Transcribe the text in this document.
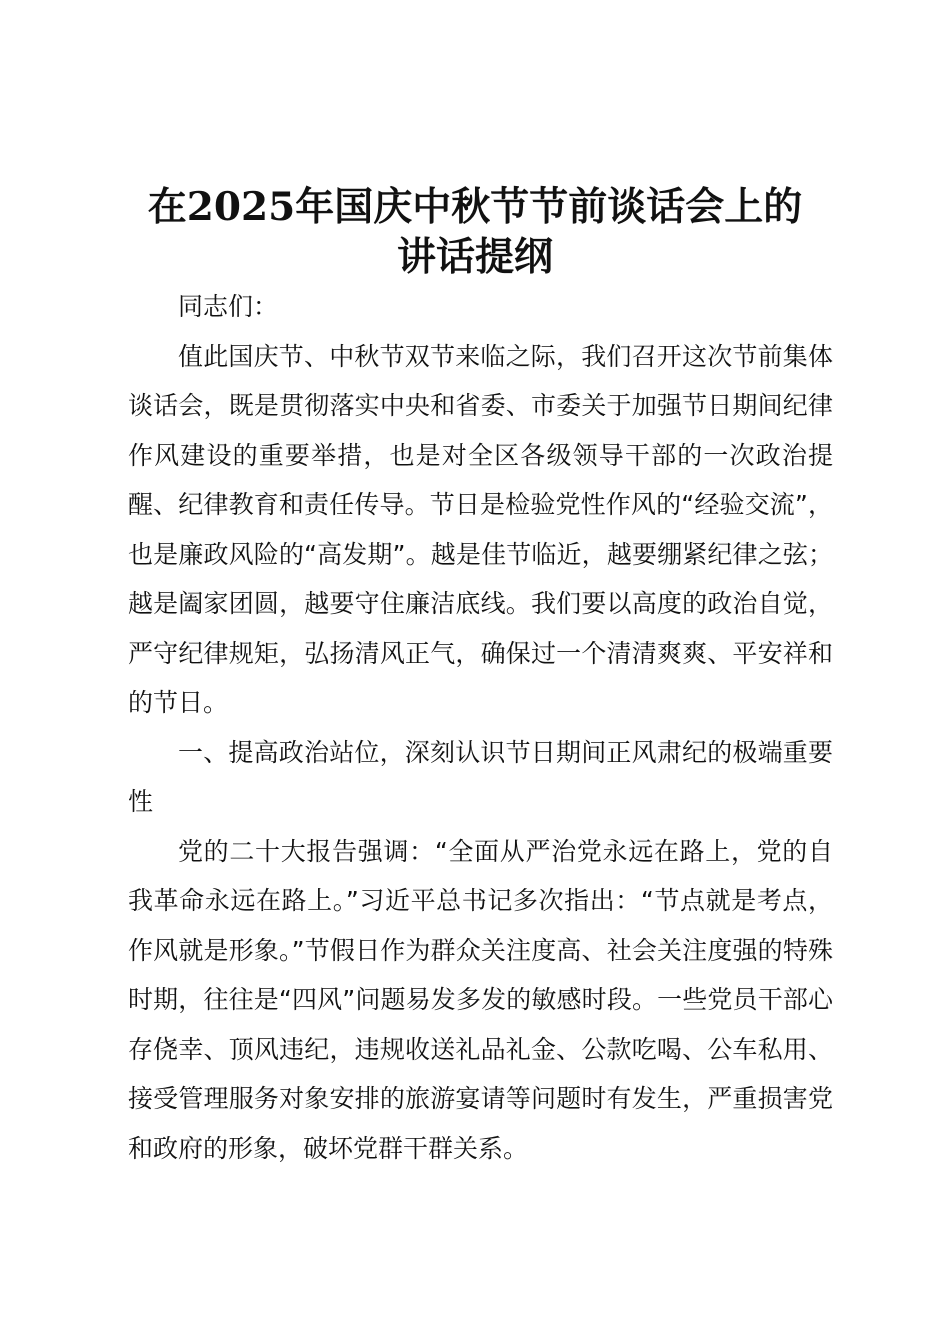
在2025年国庆中秋节节前谈话会上的
讲话提纲

同志们：

值此国庆节、中秋节双节来临之际，我们召开这次节前集体谈话会，既是贯彻落实中央和省委、市委关于加强节日期间纪律作风建设的重要举措，也是对全区各级领导干部的一次政治提醒、纪律教育和责任传导。节日是检验党性作风的“经验交流”，也是廉政风险的“高发期”。越是佳节临近，越要绷紧纪律之弦；越是阖家团圆，越要守住廉洁底线。我们要以高度的政治自觉，严守纪律规矩，弘扬清风正气，确保过一个清清爽爽、平安祥和的节日。

一、提高政治站位，深刻认识节日期间正风肃纪的极端重要性

党的二十大报告强调：“全面从严治党永远在路上，党的自我革命永远在路上。”习近平总书记多次指出：“节点就是考点，作风就是形象。”节假日作为群众关注度高、社会关注度强的特殊时期，往往是“四风”问题易发多发的敏感时段。一些党员干部心存侥幸、顶风违纪，违规收送礼品礼金、公款吃喝、公车私用、接受管理服务对象安排的旅游宴请等问题时有发生，严重损害党和政府的形象，破坏党群干群关系。
